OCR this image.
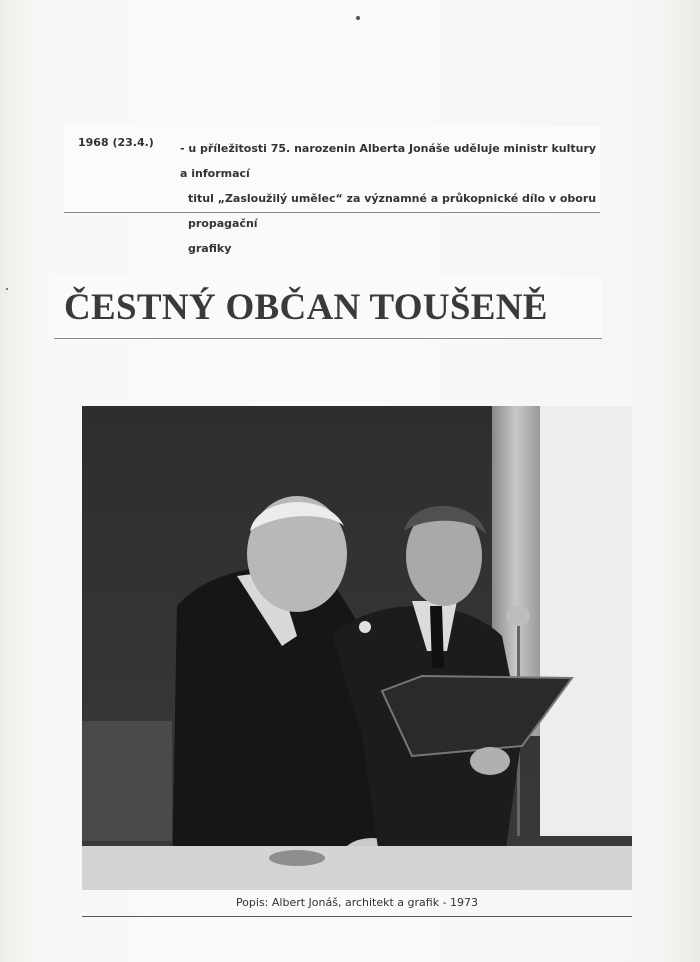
1968 (23.4.) - u příležitosti 75. narozenin Alberta Jonáše uděluje ministr kultury a informací
titul „Zasloužilý umělec“ za významné a průkopnické dílo v oboru propagační
grafiky
ČESTNÝ OBČAN TOUŠENĚ
Popis: Albert Jonáš, architekt a grafik - 1973
